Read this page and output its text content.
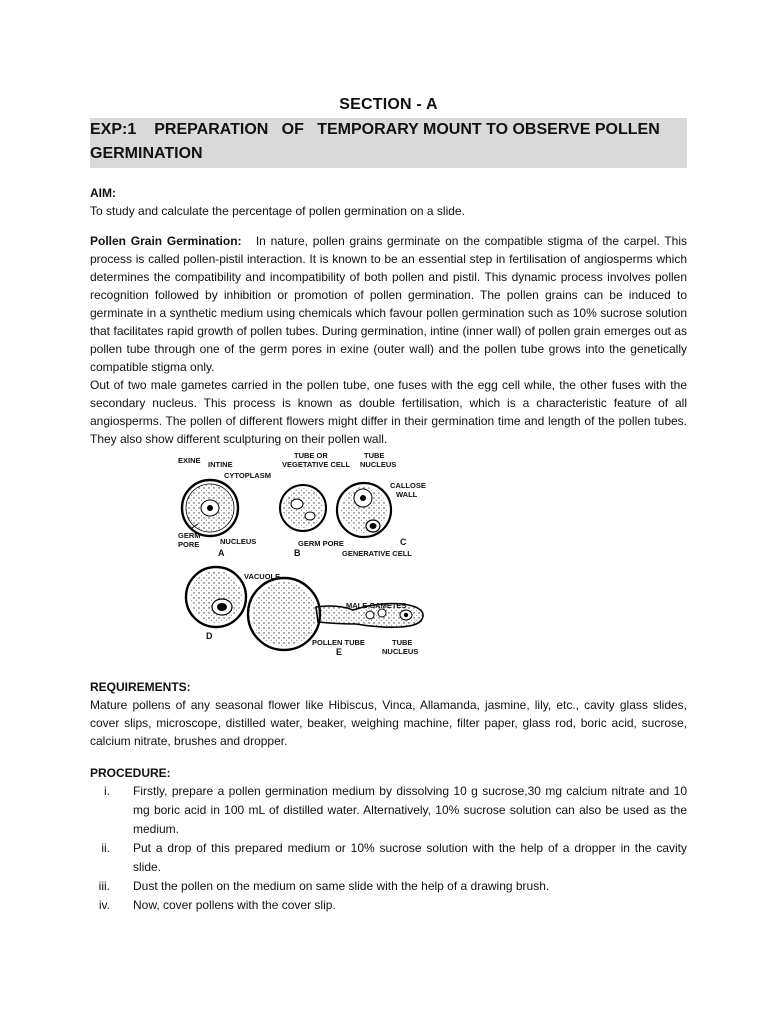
SECTION - A
EXP:1 PREPARATION   OF   TEMPORARY MOUNT TO OBSERVE POLLEN
GERMINATION
AIM:

To study and calculate the percentage of pollen germination on a slide.

Pollen Grain Germination: In nature, pollen grains germinate on the compatible stigma of the carpel. This process is called pollen-pistil interaction. It is known to be an essential step in fertilisation of angiosperms which determines the compatibility and incompatibility of both pollen and pistil. This dynamic process involves pollen recognition followed by inhibition or promotion of pollen germination. The pollen grains can be induced to germinate in a synthetic medium using chemicals which favour pollen germination such as 10% sucrose solution that facilitates rapid growth of pollen tubes. During germination, intine (inner wall) of pollen grain emerges out as pollen tube through one of the germ pores in exine (outer wall) and the pollen tube grows into the genetically compatible stigma only.

Out of two male gametes carried in the pollen tube, one fuses with the egg cell while, the other fuses with the secondary nucleus. This process is known as double fertilisation, which is a characteristic feature of all angiosperms. The pollen of different flowers might differ in their germination time and length of the pollen tubes. They also show different sculpturing on their pollen wall.

EXINE INTINE
CYTOPLASM
TUBE OR
VEGETATIVE CELL
TUBE
NUCLEUS
CALLOSE
WALL
GERM
PORE	NUCLEUS
A
GERM PORE
B
C
GENERATIVE CELL
VACUOLE
MALE GAMETES
D
POLLEN TUBE
E
TUBE
NUCLEUS
REQUIREMENTS:

Mature pollens of any seasonal flower like Hibiscus, Vinca, Allamanda, jasmine, lily, etc., cavity glass slides, cover slips, microscope, distilled water, beaker, weighing machine, filter paper, glass rod, boric acid, sucrose, calcium nitrate, brushes and dropper.

PROCEDURE:
i. Firstly, prepare a pollen germination medium by dissolving 10 g sucrose,30 mg calcium nitrate and 10 mg boric acid in 100 mL of distilled water. Alternatively, 10% sucrose solution can also be used as the medium.
ii. Put a drop of this prepared medium or 10% sucrose solution with the help of a dropper in the cavity slide.
iii. Dust the pollen on the medium on same slide with the help of a drawing brush.
iv. Now, cover pollens with the cover slip.
